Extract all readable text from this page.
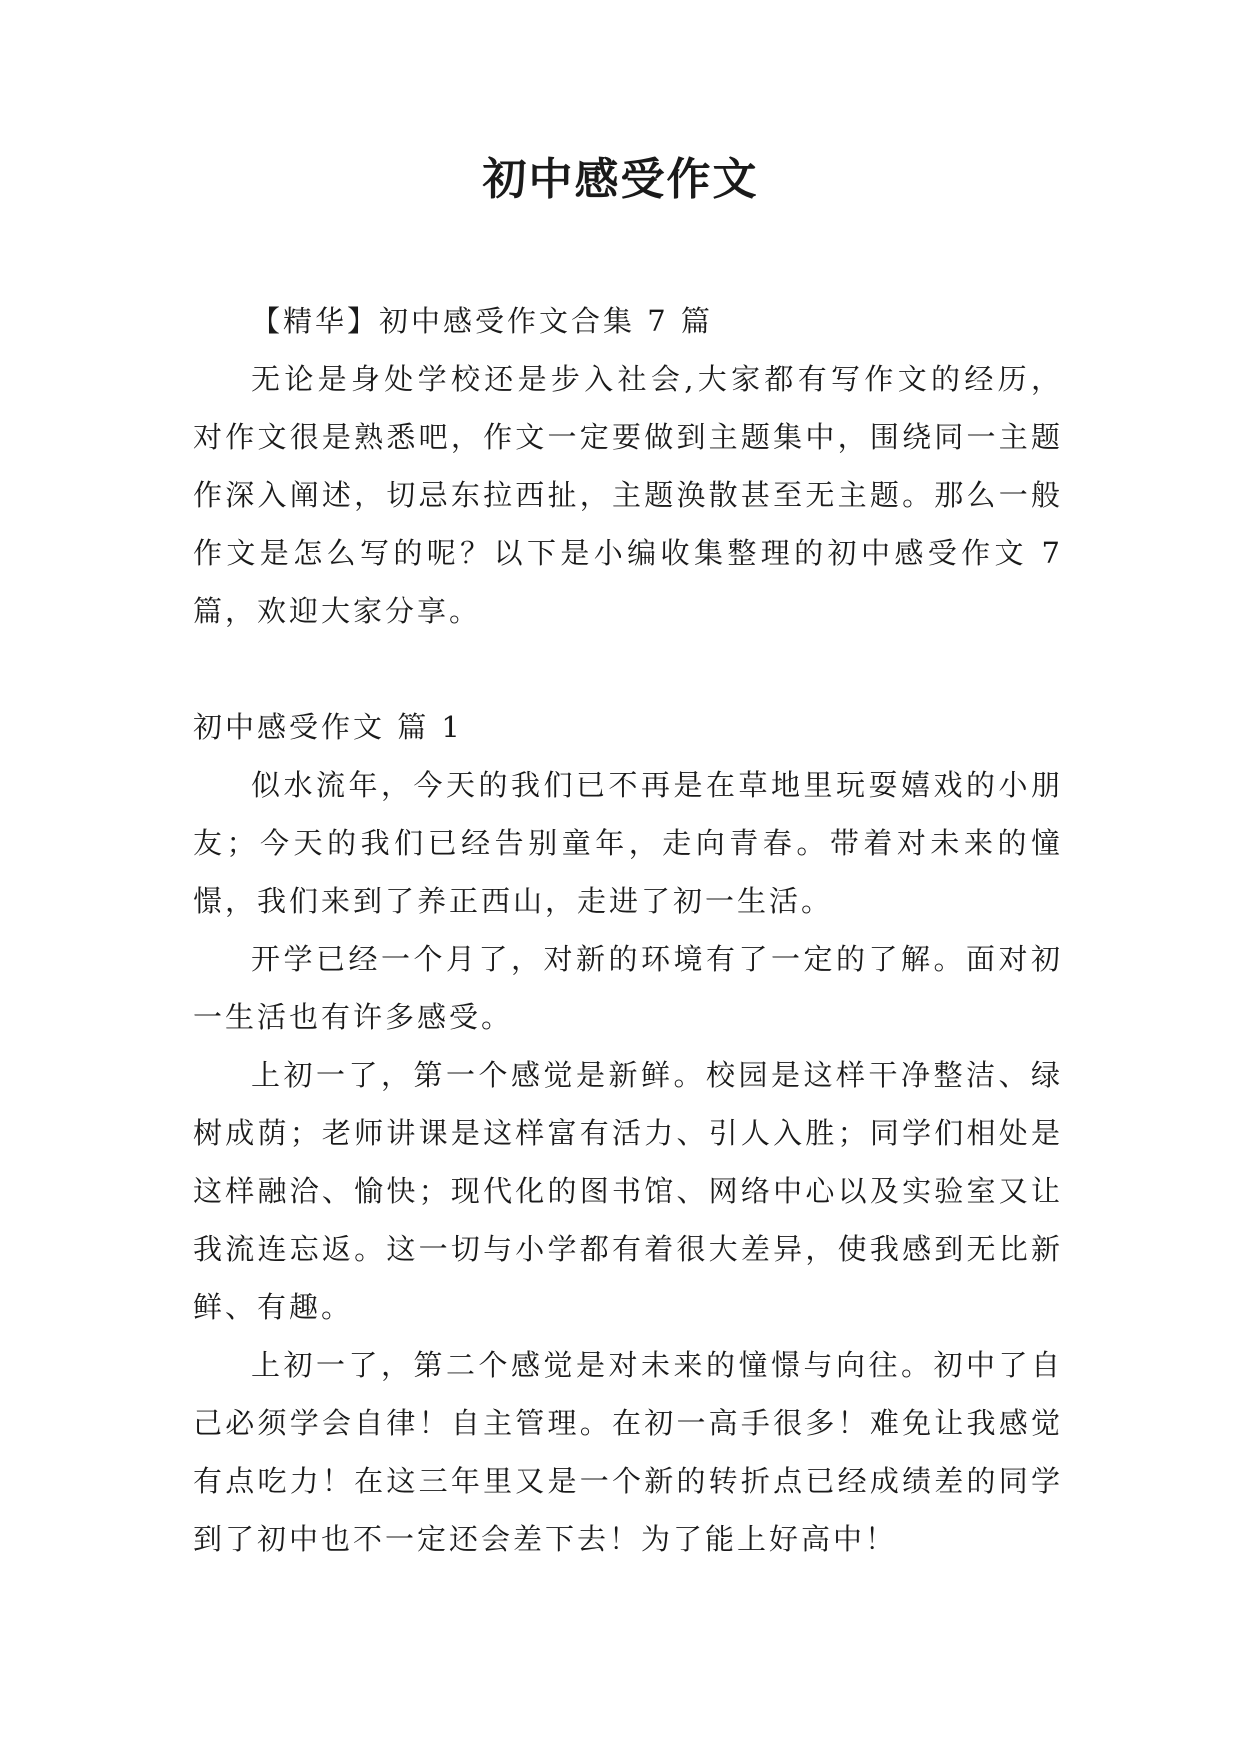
初中感受作文

【精华】初中感受作文合集 7 篇

无论是身处学校还是步入社会,大家都有写作文的经历，对作文很是熟悉吧，作文一定要做到主题集中，围绕同一主题作深入阐述，切忌东拉西扯，主题涣散甚至无主题。那么一般作文是怎么写的呢？以下是小编收集整理的初中感受作文 7 篇，欢迎大家分享。

初中感受作文 篇 1

似水流年，今天的我们已不再是在草地里玩耍嬉戏的小朋友；今天的我们已经告别童年，走向青春。带着对未来的憧憬，我们来到了养正西山，走进了初一生活。

开学已经一个月了，对新的环境有了一定的了解。面对初一生活也有许多感受。

上初一了，第一个感觉是新鲜。校园是这样干净整洁、绿树成荫；老师讲课是这样富有活力、引人入胜；同学们相处是这样融洽、愉快；现代化的图书馆、网络中心以及实验室又让我流连忘返。这一切与小学都有着很大差异，使我感到无比新鲜、有趣。

上初一了，第二个感觉是对未来的憧憬与向往。初中了自己必须学会自律！自主管理。在初一高手很多！难免让我感觉有点吃力！在这三年里又是一个新的转折点已经成绩差的同学到了初中也不一定还会差下去！为了能上好高中！
